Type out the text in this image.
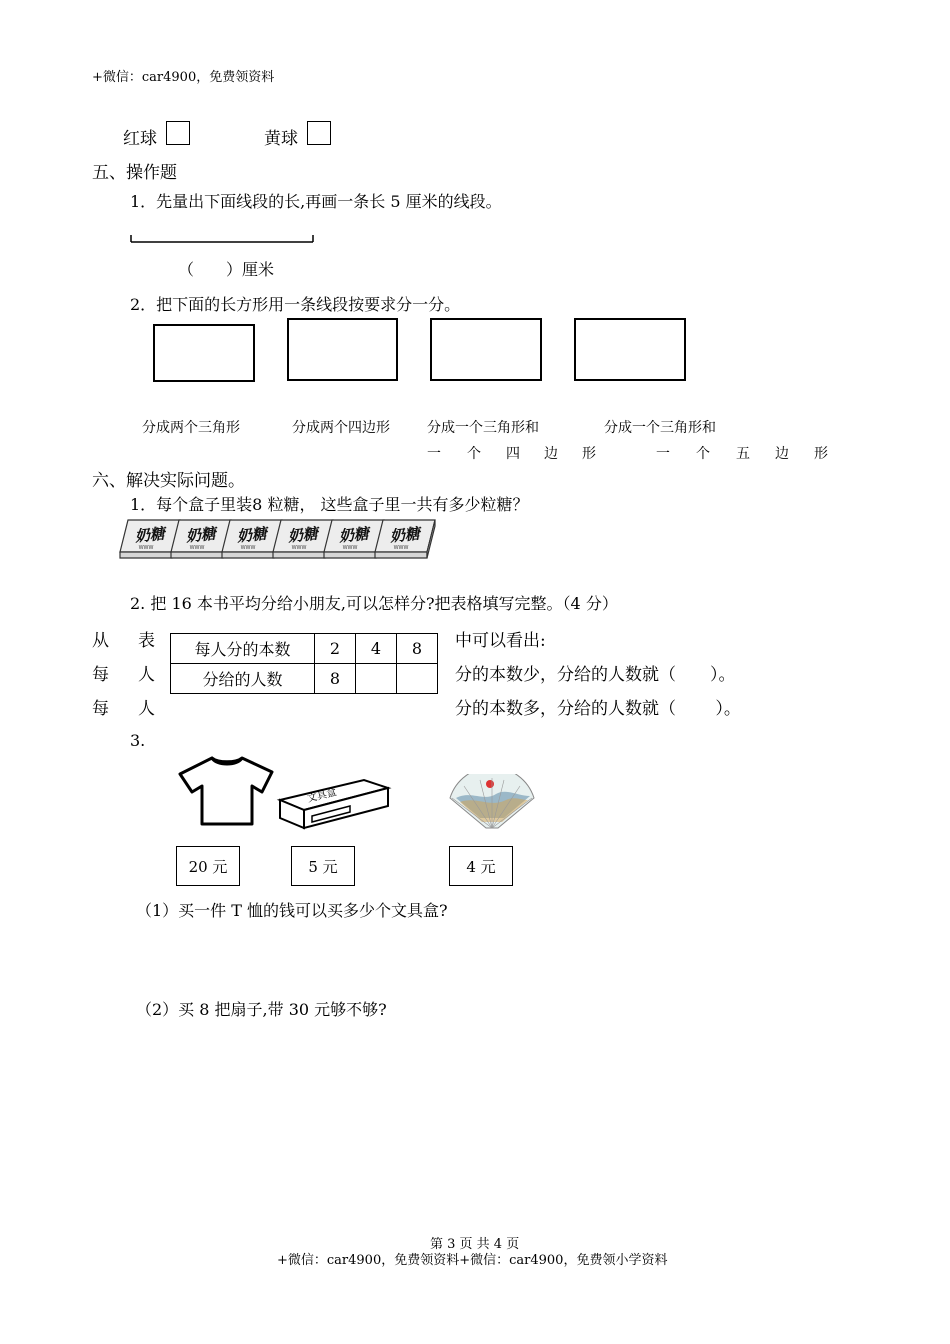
+微信：car4900，免费领资料
红球	黄球
五、操作题
1．先量出下面线段的长,再画一条长 5 厘米的线段。
（　　）厘米
2．把下面的长方形用一条线段按要求分一分。
分成两个三角形	分成两个四边形	分成一个三角形和	分成一个三角形和
一 个 四 边 形	一 个 五 边 形
六、解决实际问题。
1．每个盒子里装8 粒糖， 这些盒子里一共有多少粒糖？
奶糖
WWW
奶糖
WWW
奶糖
WWW
奶糖
WWW
奶糖
WWW
奶糖
WWW
2. 把 16 本书平均分给小朋友,可以怎样分?把表格填写完整。（4 分）
从 表
每 人
每 人
每人分的本数	2	4	8
分给的人数	8		
中可以看出:
分的本数少，分给的人数就（　　）。
分的本数多，分给的人数就（　　 ）。
3.
文具盒
20 元	5 元	4 元
（1）买一件 T 恤的钱可以买多少个文具盒?
（2）买 8 把扇子,带 30 元够不够?
第 3 页 共 4 页
+微信：car4900，免费领资料+微信：car4900，免费领小学资料
